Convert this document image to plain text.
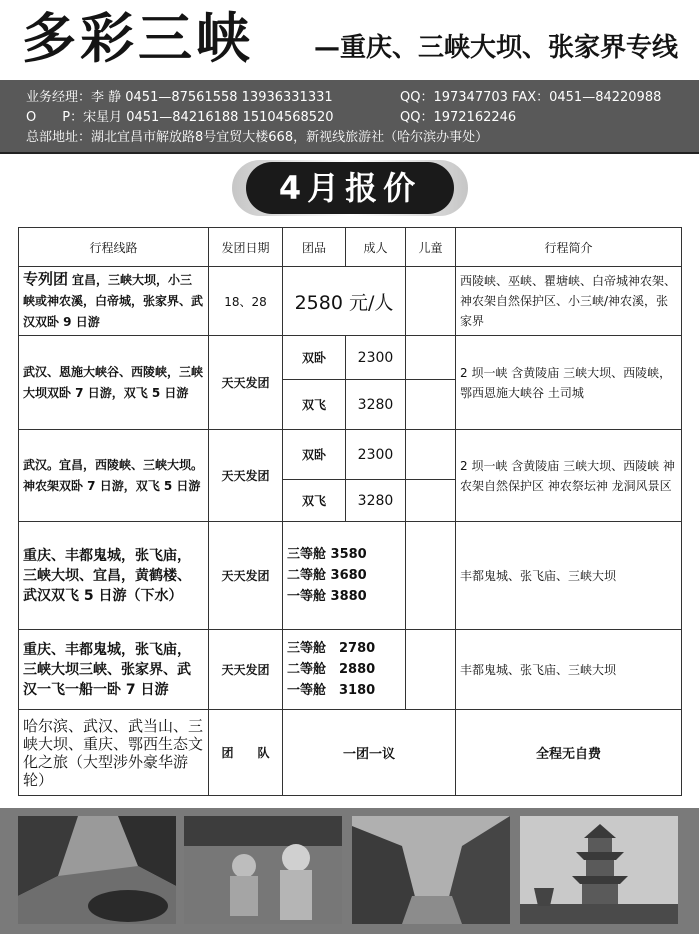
多彩三峡 —重庆、三峡大坝、张家界专线
业务经理：李 静 0451—87561558 13936331331	QQ：197347703 FAX：0451—84220988
O　　P：宋星月 0451—84216188 15104568520	QQ：1972162246
总部地址：湖北宜昌市解放路8号宜贸大楼668，新视线旅游社（哈尔滨办事处）
4月报价
行程线路	发团日期	团品	成人	儿童	行程简介
专列团 宜昌，三峡大坝，小三峡或神农溪，白帝城，张家界、武汉双卧 9 日游	18、28	2580 元/人			西陵峡、巫峡、瞿塘峡、白帝城神农架、神农架自然保护区、小三峡/神农溪，张家界
武汉、恩施大峡谷、西陵峡，三峡大坝双卧 7 日游，双飞 5 日游	天天发团	双卧	2300		2 坝一峡 含黄陵庙 三峡大坝、西陵峡，鄂西恩施大峡谷 土司城
		双飞	3280		
武汉。宜昌，西陵峡、三峡大坝。神农架双卧 7 日游，双飞 5 日游	天天发团	双卧	2300		2 坝一峡 含黄陵庙 三峡大坝、西陵峡 神农架自然保护区 神农祭坛神 龙洞风景区
		双飞	3280		
重庆、丰都鬼城，张飞庙，三峡大坝、宜昌，黄鹤楼、武汉双飞 5 日游（下水）	天天发团	三等舱 3580
二等舱 3680
一等舱 3880			丰都鬼城、张飞庙、三峡大坝
重庆、丰都鬼城，张飞庙，三峡大坝三峡、张家界、武汉一飞一船一卧 7 日游	天天发团	三等舱　2780
二等舱　2880
一等舱　3180			丰都鬼城、张飞庙、三峡大坝
哈尔滨、武汉、武当山、三峡大坝、重庆、鄂西生态文化之旅（大型涉外豪华游轮）	团　　队	一团一议			全程无自费
